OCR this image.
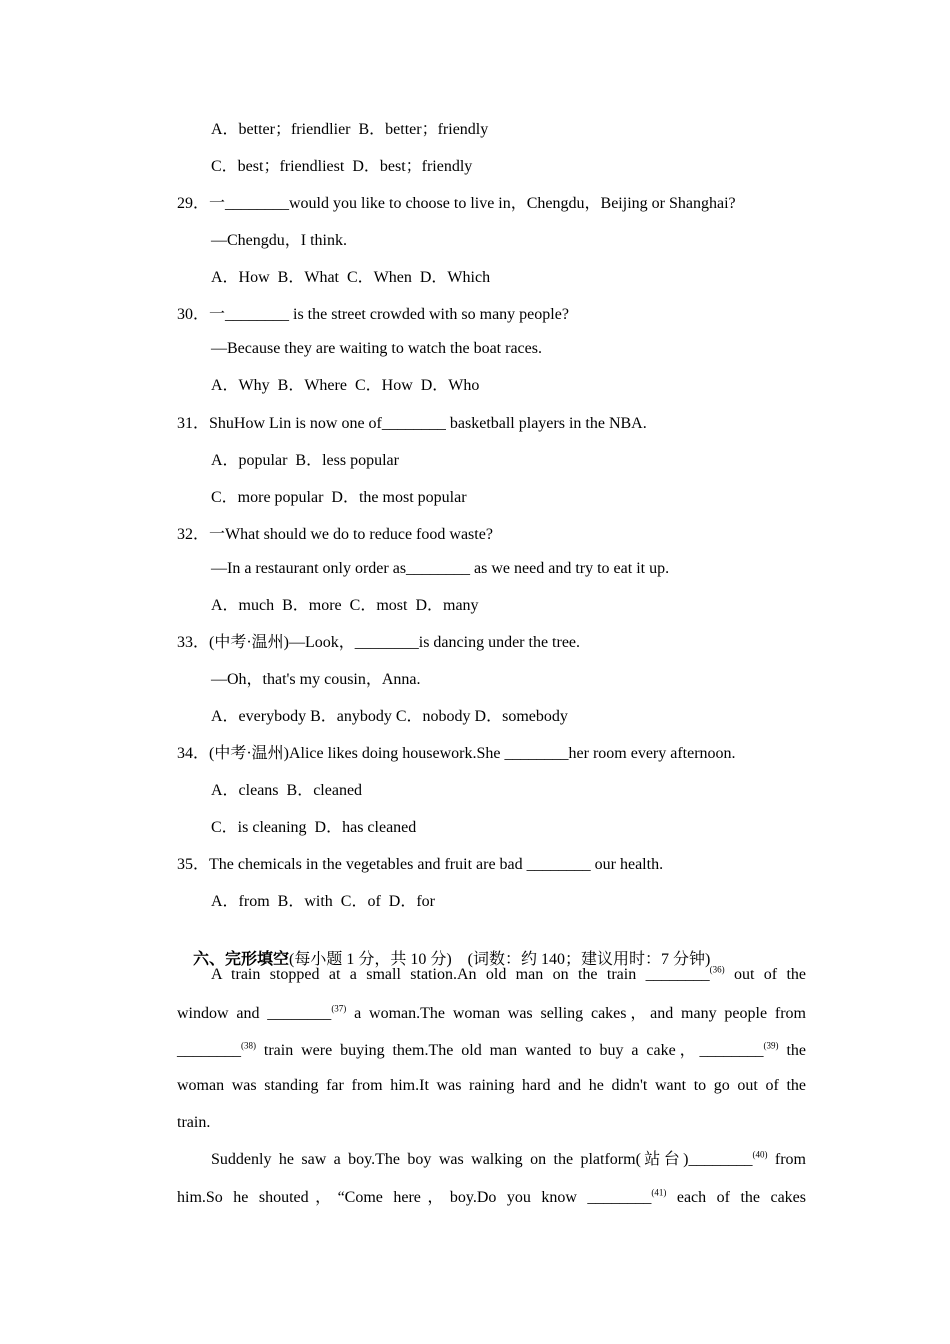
A．better；friendlier  B．better；friendly
C．best；friendliest  D．best；friendly
29．一________would you like to choose to live in，Chengdu，Beijing or Shanghai?
—Chengdu，I think.
A．How  B．What  C．When  D．Which
30．一________ is the street crowded with so many people?
—Because they are waiting to watch the boat races.
A．Why  B．Where  C．How  D．Who
31．ShuHow Lin is now one of________ basketball players in the NBA.
A．popular  B．less popular
C．more popular  D．the most popular
32．一What should we do to reduce food waste?
—In a restaurant only order as________ as we need and try to eat it up.
A．much  B．more  C．most  D．many
33．(中考·温州)—Look，________is dancing under the tree.
—Oh，that's my cousin，Anna.
A．everybody B．anybody C．nobody D．somebody
34．(中考·温州)Alice likes doing housework.She ________her room every afternoon.
A．cleans  B．cleaned
C．is cleaning  D．has cleaned
35．The chemicals in the vegetables and fruit are bad ________ our health.
A．from  B．with  C．of  D．for

六、完形填空(每小题 1 分，共 10 分)    (词数：约 140；建议用时：7 分钟)

A train stopped at a small station.An old man on the train ________$^{(36)}$ out of the
window and ________$^{(37)}$ a woman.The woman was selling cakes，and many people from
________$^{(38)}$ train were buying them.The old man wanted to buy a cake，________$^{(39)}$ the
woman was standing far from him.It was raining hard and he didn't want to go out of the
train.
Suddenly he saw a boy.The boy was walking on the platform(站台)________$^{(40)}$ from
him.So he shouted，“Come here，boy.Do you know ________$^{(41)}$ each of the cakes
